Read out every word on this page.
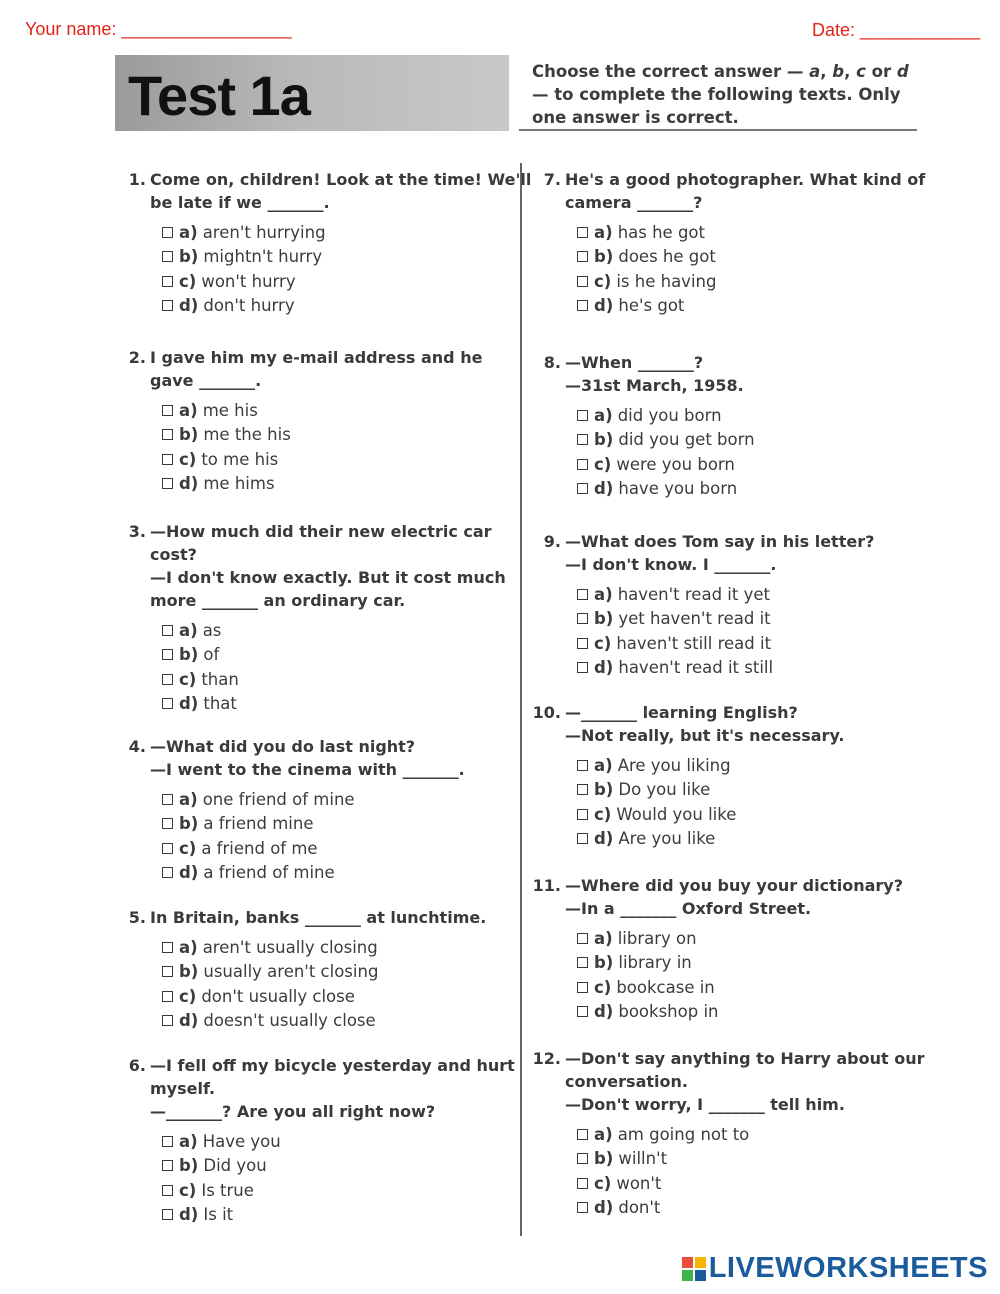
Your name: _________________	Date: ____________
Test 1a	Choose the correct answer — a, b, c or d — to complete the following texts. Only one answer is correct.
1. Come on, children! Look at the time! We'll
be late if we _______.
a) aren't hurrying
b) mightn't hurry
c) won't hurry
d) don't hurry
2. I gave him my e-mail address and he
gave _______.
a) me his
b) me the his
c) to me his
d) me hims
3. —How much did their new electric car
cost?
—I don't know exactly. But it cost much
more _______ an ordinary car.
a) as
b) of
c) than
d) that
4. —What did you do last night?
—I went to the cinema with _______.
a) one friend of mine
b) a friend mine
c) a friend of me
d) a friend of mine
5. In Britain, banks _______ at lunchtime.
a) aren't usually closing
b) usually aren't closing
c) don't usually close
d) doesn't usually close
6. —I fell off my bicycle yesterday and hurt
myself.
—_______? Are you all right now?
a) Have you
b) Did you
c) Is true
d) Is it
7. He's a good photographer. What kind of
camera _______?
a) has he got
b) does he got
c) is he having
d) he's got
8. —When _______?
—31st March, 1958.
a) did you born
b) did you get born
c) were you born
d) have you born
9. —What does Tom say in his letter?
—I don't know. I _______.
a) haven't read it yet
b) yet haven't read it
c) haven't still read it
d) haven't read it still
10. —_______ learning English?
—Not really, but it's necessary.
a) Are you liking
b) Do you like
c) Would you like
d) Are you like
11. —Where did you buy your dictionary?
—In a _______ Oxford Street.
a) library on
b) library in
c) bookcase in
d) bookshop in
12. —Don't say anything to Harry about our
conversation.
—Don't worry, I _______ tell him.
a) am going not to
b) willn't
c) won't
d) don't
LIVEWORKSHEETS
